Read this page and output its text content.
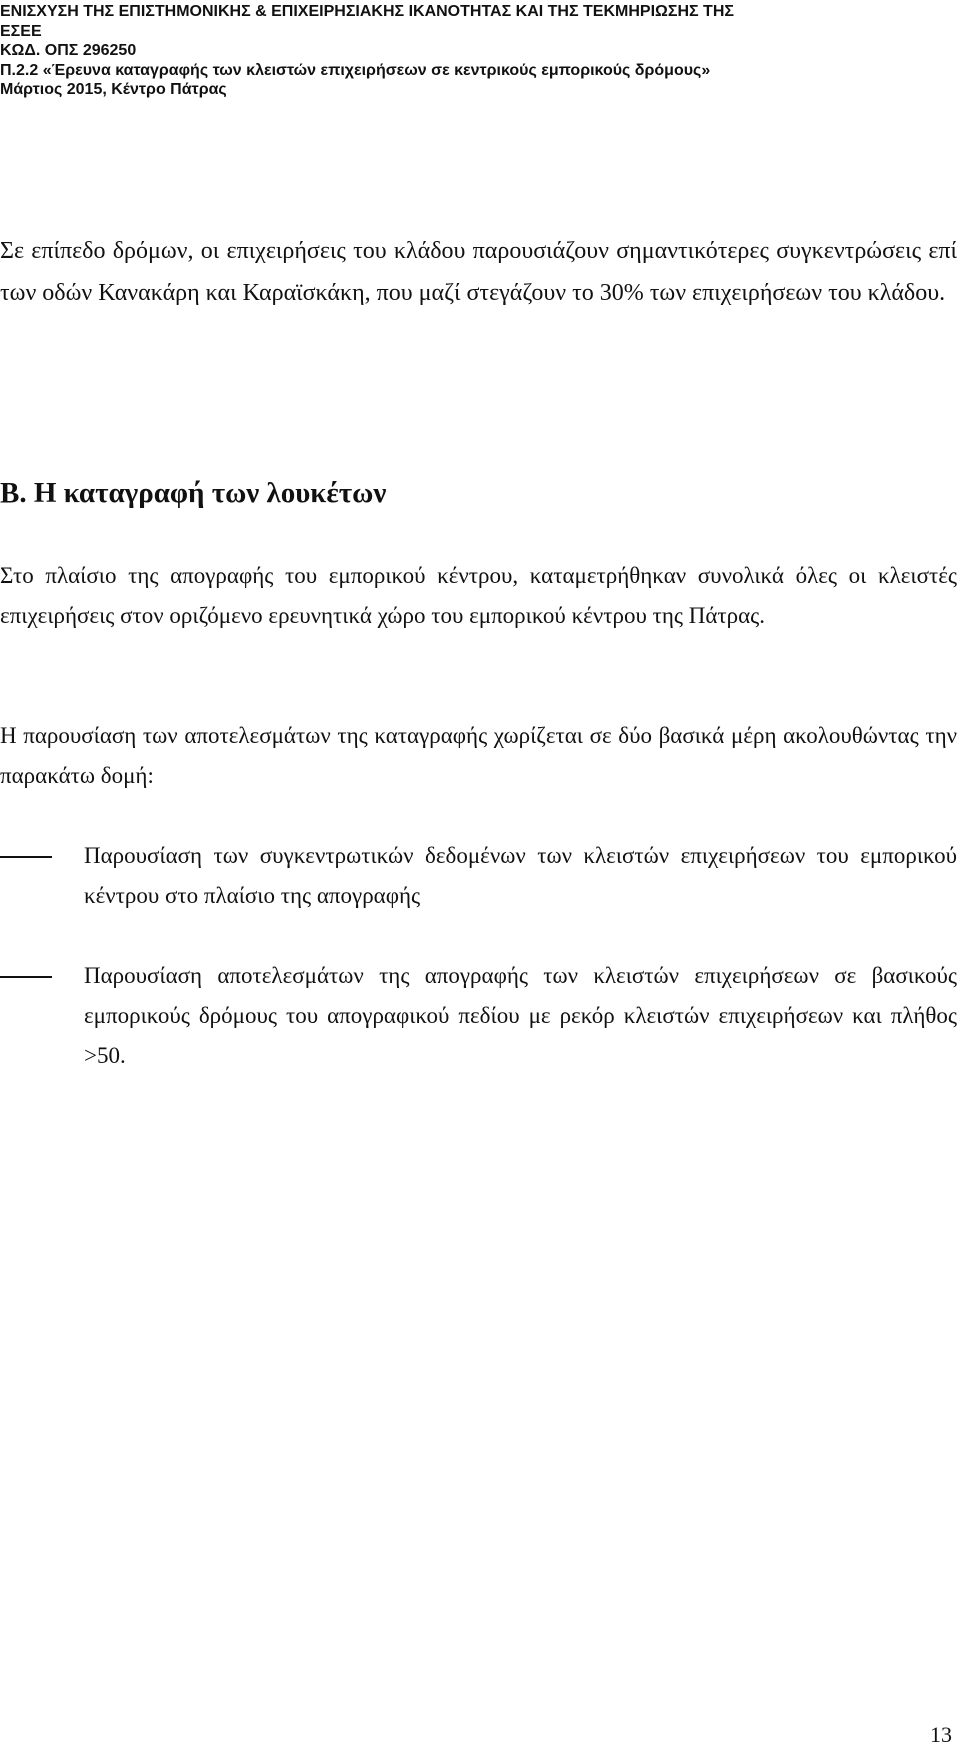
ΕΝΙΣΧΥΣΗ ΤΗΣ ΕΠΙΣΤΗΜΟΝΙΚΗΣ & ΕΠΙΧΕΙΡΗΣΙΑΚΗΣ ΙΚΑΝΟΤΗΤΑΣ ΚΑΙ ΤΗΣ ΤΕΚΜΗΡΙΩΣΗΣ ΤΗΣ
ΕΣΕΕ
ΚΩΔ. ΟΠΣ 296250
Π.2.2 «Έρευνα καταγραφής των κλειστών επιχειρήσεων σε κεντρικούς εμπορικούς δρόμους»
Μάρτιος 2015, Κέντρο Πάτρας
Σε επίπεδο δρόμων, οι επιχειρήσεις του κλάδου παρουσιάζουν σημαντικότερες συγκεντρώσεις επί των οδών Κανακάρη και Καραϊσκάκη, που μαζί στεγάζουν το 30% των επιχειρήσεων του κλάδου.
Β. Η καταγραφή των λουκέτων
Στο πλαίσιο της απογραφής του εμπορικού κέντρου, καταμετρήθηκαν συνολικά όλες οι κλειστές επιχειρήσεις στον οριζόμενο ερευνητικά χώρο του εμπορικού κέντρου της Πάτρας.
Η παρουσίαση των αποτελεσμάτων της καταγραφής χωρίζεται σε δύο βασικά μέρη ακολουθώντας την παρακάτω δομή:
Παρουσίαση των συγκεντρωτικών δεδομένων των κλειστών επιχειρήσεων του εμπορικού κέντρου στο πλαίσιο της απογραφής
Παρουσίαση αποτελεσμάτων της απογραφής των κλειστών επιχειρήσεων σε βασικούς εμπορικούς δρόμους του απογραφικού πεδίου με ρεκόρ κλειστών επιχειρήσεων και πλήθος >50.
13
